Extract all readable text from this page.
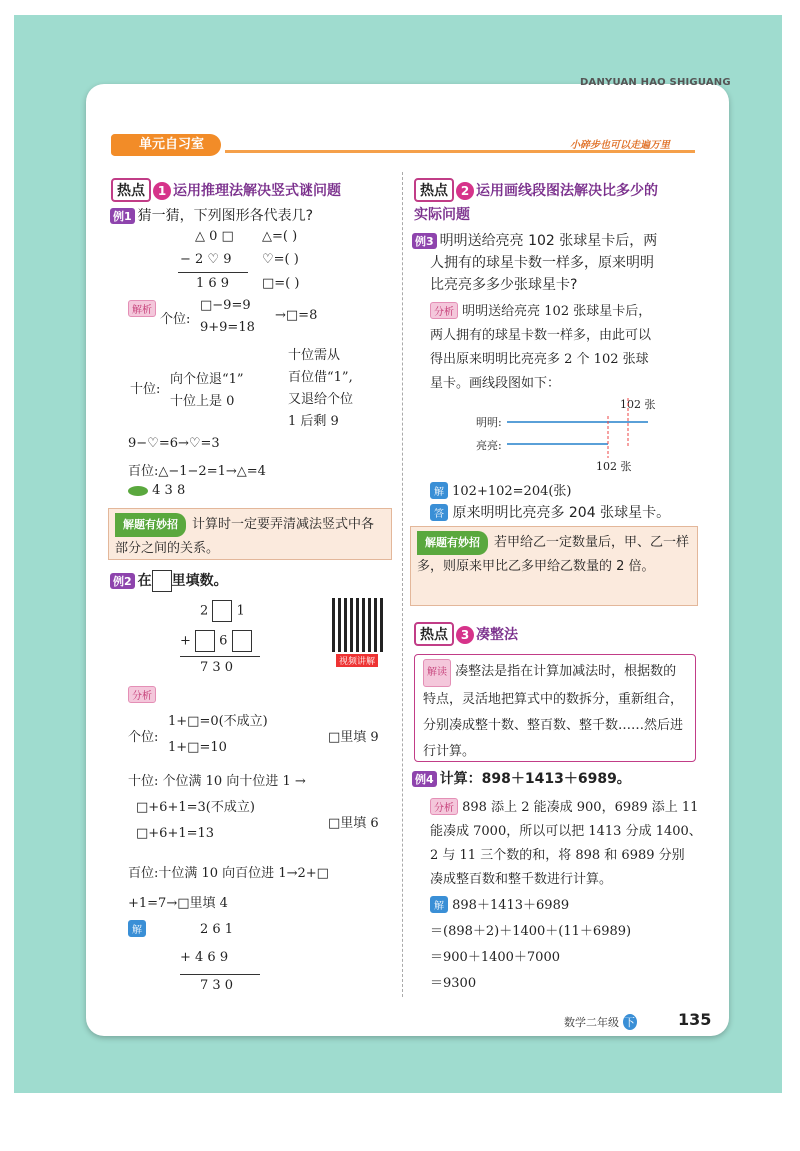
DANYUAN HAO SHIGUANG
单元自习室	小碎步也可以走遍万里
热点 1 运用推理法解决竖式谜问题
例1 猜一猜，下列图形各代表几?
△ 0 □
− 2 ♡ 9
1 6 9
△=( )
♡=( )
□=( )
解析
个位:
□−9=9
9+9=18
→□=8
十位:
向个位退“1”
十位上是 0
十位需从
百位借“1”,
又退给个位
1 后剩 9
9−♡=6→♡=3
百位:△−1−2=1→△=4
4 3 8
解题有妙招 计算时一定要弄清减法竖式中各部分之间的关系。
例2 在 里填数。
2  1
+  6
7 3 0	视频讲解
分析
个位:
1+□=0(不成立)
1+□=10
□里填 9
十位: 个位满 10 向十位进 1 →
□+6+1=3(不成立)
□+6+1=13
□里填 6
百位:十位满 10 向百位进 1→2+□
+1=7→□里填 4
解	2 6 1
+ 4 6 9
7 3 0
热点 2 运用画线段图法解决比多少的
实际问题
例3 明明送给亮亮 102 张球星卡后，两
人拥有的球星卡数一样多，原来明明
比亮亮多多少张球星卡?
分析 明明送给亮亮 102 张球星卡后，
两人拥有的球星卡数一样多，由此可以
得出原来明明比亮亮多 2 个 102 张球
星卡。画线段图如下：
102 张
明明:
亮亮:
102 张
解 102+102=204(张)
答 原来明明比亮亮多 204 张球星卡。
解题有妙招 若甲给乙一定数量后，甲、乙一样多，则原来甲比乙多甲给乙数量的 2 倍。
热点 3 凑整法
解读 凑整法是指在计算加减法时，根据数的特点，灵活地把算式中的数拆分，重新组合，分别凑成整十数、整百数、整千数……然后进行计算。
例4 计算：898＋1413＋6989。
分析 898 添上 2 能凑成 900，6989 添上 11
能凑成 7000，所以可以把 1413 分成 1400、
2 与 11 三个数的和，将 898 和 6989 分别
凑成整百数和整千数进行计算。
解 898＋1413＋6989
＝(898＋2)＋1400＋(11＋6989)
＝900＋1400＋7000
＝9300
数学二年级 下	135
